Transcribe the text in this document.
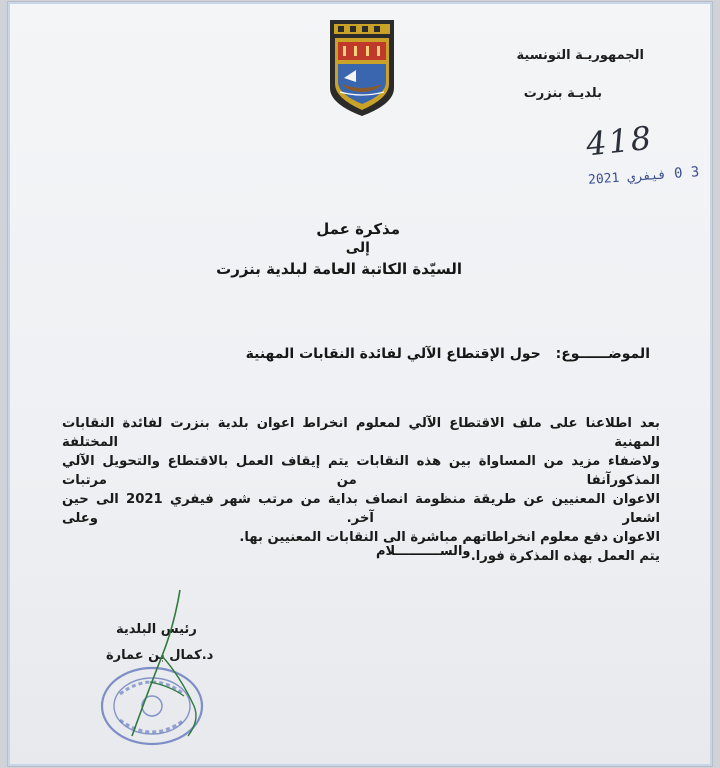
الجمهوريـة التونسية
بلديـة بنزرت
418
2021 فيفري 0 3
مذكرة عمل
إلى
السيّدة الكاتبة العامة لبلدية بنزرت
الموضــــــوع: حول الإقتطاع الآلي لفائدة النقابات المهنية
بعد اطلاعنا على ملف الاقتطاع الآلي لمعلوم انخراط اعوان بلدية بنزرت لفائدة النقابات المهنية المختلفة
ولاضفاء مزيد من المساواة بين هذه النقابات يتم إيقاف العمل بالاقتطاع والتحويل الآلي المذكورآنفا من مرتبات
الاعوان المعنيين عن طريقة منظومة انصاف بداية من مرتب شهر فيفري 2021 الى حين اشعار آخر. وعلى
الاعوان دفع معلوم انخراطاتهم مباشرة الى النقابات المعنيين بها.
يتم العمل بهذه المذكرة فورا.
والســــــــــلام
رئيس البلدية
د.كمال بن عمارة
